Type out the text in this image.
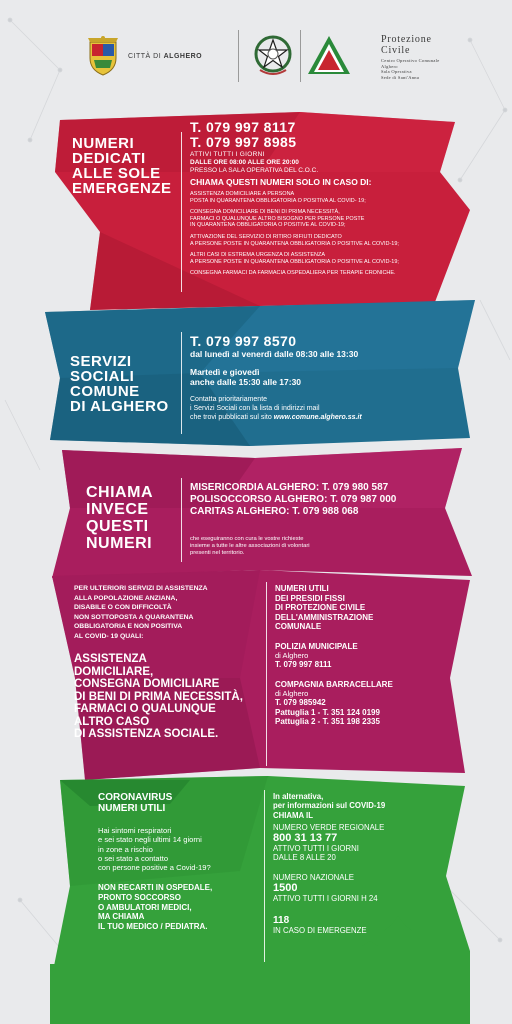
CITTÀ DI ALGHERO
Protezione
Civile
Centro Operativo Comunale
Alghero
Sala Operativa
Sede di Sant'Anna
NUMERI
DEDICATI
ALLE SOLE
EMERGENZE
T. 079 997 8117
T. 079 997 8985
ATTIVI TUTTI I GIORNI
DALLE ORE 08:00 ALLE ORE 20:00
PRESSO LA SALA OPERATIVA DEL C.O.C.
CHIAMA QUESTI NUMERI SOLO IN CASO DI:
ASSISTENZA DOMICILIARE A PERSONA
POSTA IN QUARANTENA OBBLIGATORIA O POSITIVA AL COVID- 19;
CONSEGNA DOMICILIARE DI BENI DI PRIMA NECESSITÀ,
FARMACI O QUALUNQUE ALTRO BISOGNO PER PERSONE POSTE
IN QUARANTENA OBBLIGATORIA O POSITIVE AL COVID-19;
ATTIVAZIONE DEL SERVIZIO DI RITIRO RIFIUTI DEDICATO
A PERSONE POSTE IN QUARANTENA OBBLIGATORIA O POSITIVE AL COVID-19;
ALTRI CASI DI ESTREMA URGENZA DI ASSISTENZA
A PERSONE POSTE IN QUARANTENA OBBLIGATORIA O POSITIVE AL COVID-19;
CONSEGNA FARMACI DA FARMACIA OSPEDALIERA PER TERAPIE CRONICHE.
SERVIZI
SOCIALI
COMUNE
DI ALGHERO
T. 079 997 8570
dal lunedì al venerdì dalle 08:30 alle 13:30
Martedì e giovedì
anche dalle 15:30 alle 17:30
Contatta prioritariamente
i Servizi Sociali con la lista di indirizzi mail
che trovi pubblicati sul sito www.comune.alghero.ss.it
CHIAMA
INVECE
QUESTI
NUMERI
MISERICORDIA ALGHERO: T. 079 980 587
POLISOCCORSO ALGHERO: T. 079 987 000
CARITAS ALGHERO: T. 079 988 068
che eseguiranno con cura le vostre richieste
insieme a tutte le altre associazioni di volontari
presenti nel territorio.
PER ULTERIORI SERVIZI DI ASSISTENZA
ALLA POPOLAZIONE ANZIANA,
DISABILE O CON DIFFICOLTÀ
NON SOTTOPOSTA A QUARANTENA
OBBLIGATORIA E NON POSITIVA
AL COVID- 19 QUALI:
ASSISTENZA
DOMICILIARE,
CONSEGNA DOMICILIARE
DI BENI DI PRIMA NECESSITÀ,
FARMACI O QUALUNQUE
ALTRO CASO
DI ASSISTENZA SOCIALE.
NUMERI UTILI
DEI PRESIDI FISSI
DI PROTEZIONE CIVILE
DELL'AMMINISTRAZIONE
COMUNALE
POLIZIA MUNICIPALE
di Alghero
T. 079 997 8111
COMPAGNIA BARRACELLARE
di Alghero
T. 079 985942
Pattuglia 1 - T. 351 124 0199
Pattuglia 2 - T. 351 198 2335
CORONAVIRUS
NUMERI UTILI
Hai sintomi respiratori
e sei stato negli ultimi 14 giorni
in zone a rischio
o sei stato a contatto
con persone positive a Covid-19?
NON RECARTI IN OSPEDALE,
PRONTO SOCCORSO
O AMBULATORI MEDICI,
MA CHIAMA
IL TUO MEDICO / PEDIATRA.
In alternativa,
per informazioni sul COVID-19
CHIAMA IL
NUMERO VERDE REGIONALE
800 31 13 77
ATTIVO TUTTI I GIORNI
DALLE 8 ALLE 20
NUMERO NAZIONALE
1500
ATTIVO TUTTI I GIORNI H 24
118
IN CASO DI EMERGENZE
